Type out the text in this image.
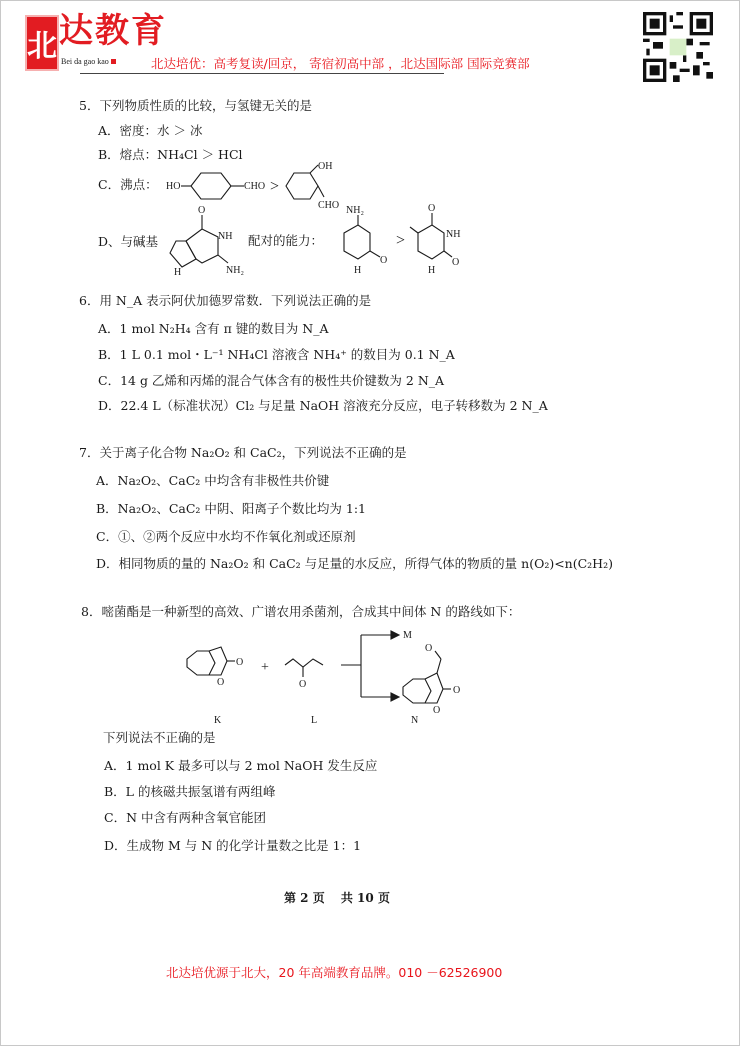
北 达教育
Bei da gao kao	北达培优：高考复读/回京， 寄宿初高中部 ，北达国际部 国际竞赛部
5．下列物质性质的比较，与氢键无关的是
A．密度：水 ＞ 冰
B．熔点：NH₄Cl ＞ HCl
C．沸点： HO	CHO >
OH
CHO
D、与碱基
O
NH
NH₂
H
配对的能力：
NH₂
O
H
>
O
NH
O
H
6．用 N_A 表示阿伏加德罗常数．下列说法正确的是
A．1 mol N₂H₄ 含有 π 键的数目为 N_A
B．1 L 0.1 mol・L⁻¹ NH₄Cl 溶液含 NH₄⁺ 的数目为 0.1 N_A
C．14 g 乙烯和丙烯的混合气体含有的极性共价键数为 2 N_A
D．22.4 L（标准状况）Cl₂ 与足量 NaOH 溶液充分反应，电子转移数为 2 N_A
7．关于离子化合物 Na₂O₂ 和 CaC₂，下列说法不正确的是
A．Na₂O₂、CaC₂ 中均含有非极性共价键
B．Na₂O₂、CaC₂ 中阴、阳离子个数比均为 1:1
C．①、②两个反应中水均不作氧化剂或还原剂
D．相同物质的量的 Na₂O₂ 和 CaC₂ 与足量的水反应，所得气体的物质的量 n(O₂)<n(C₂H₂)
8．嘧菌酯是一种新型的高效、广谱农用杀菌剂，合成其中间体 N 的路线如下：
O
O
+
O
M
O
O
O
K	L	N
下列说法不正确的是
A．1 mol K 最多可以与 2 mol NaOH 发生反应
B．L 的核磁共振氢谱有两组峰
C．N 中含有两种含氧官能团
D．生成物 M 与 N 的化学计量数之比是 1：1
第 2 页　 共 10 页
北达培优源于北大，20 年高端教育品牌。010 －62526900
